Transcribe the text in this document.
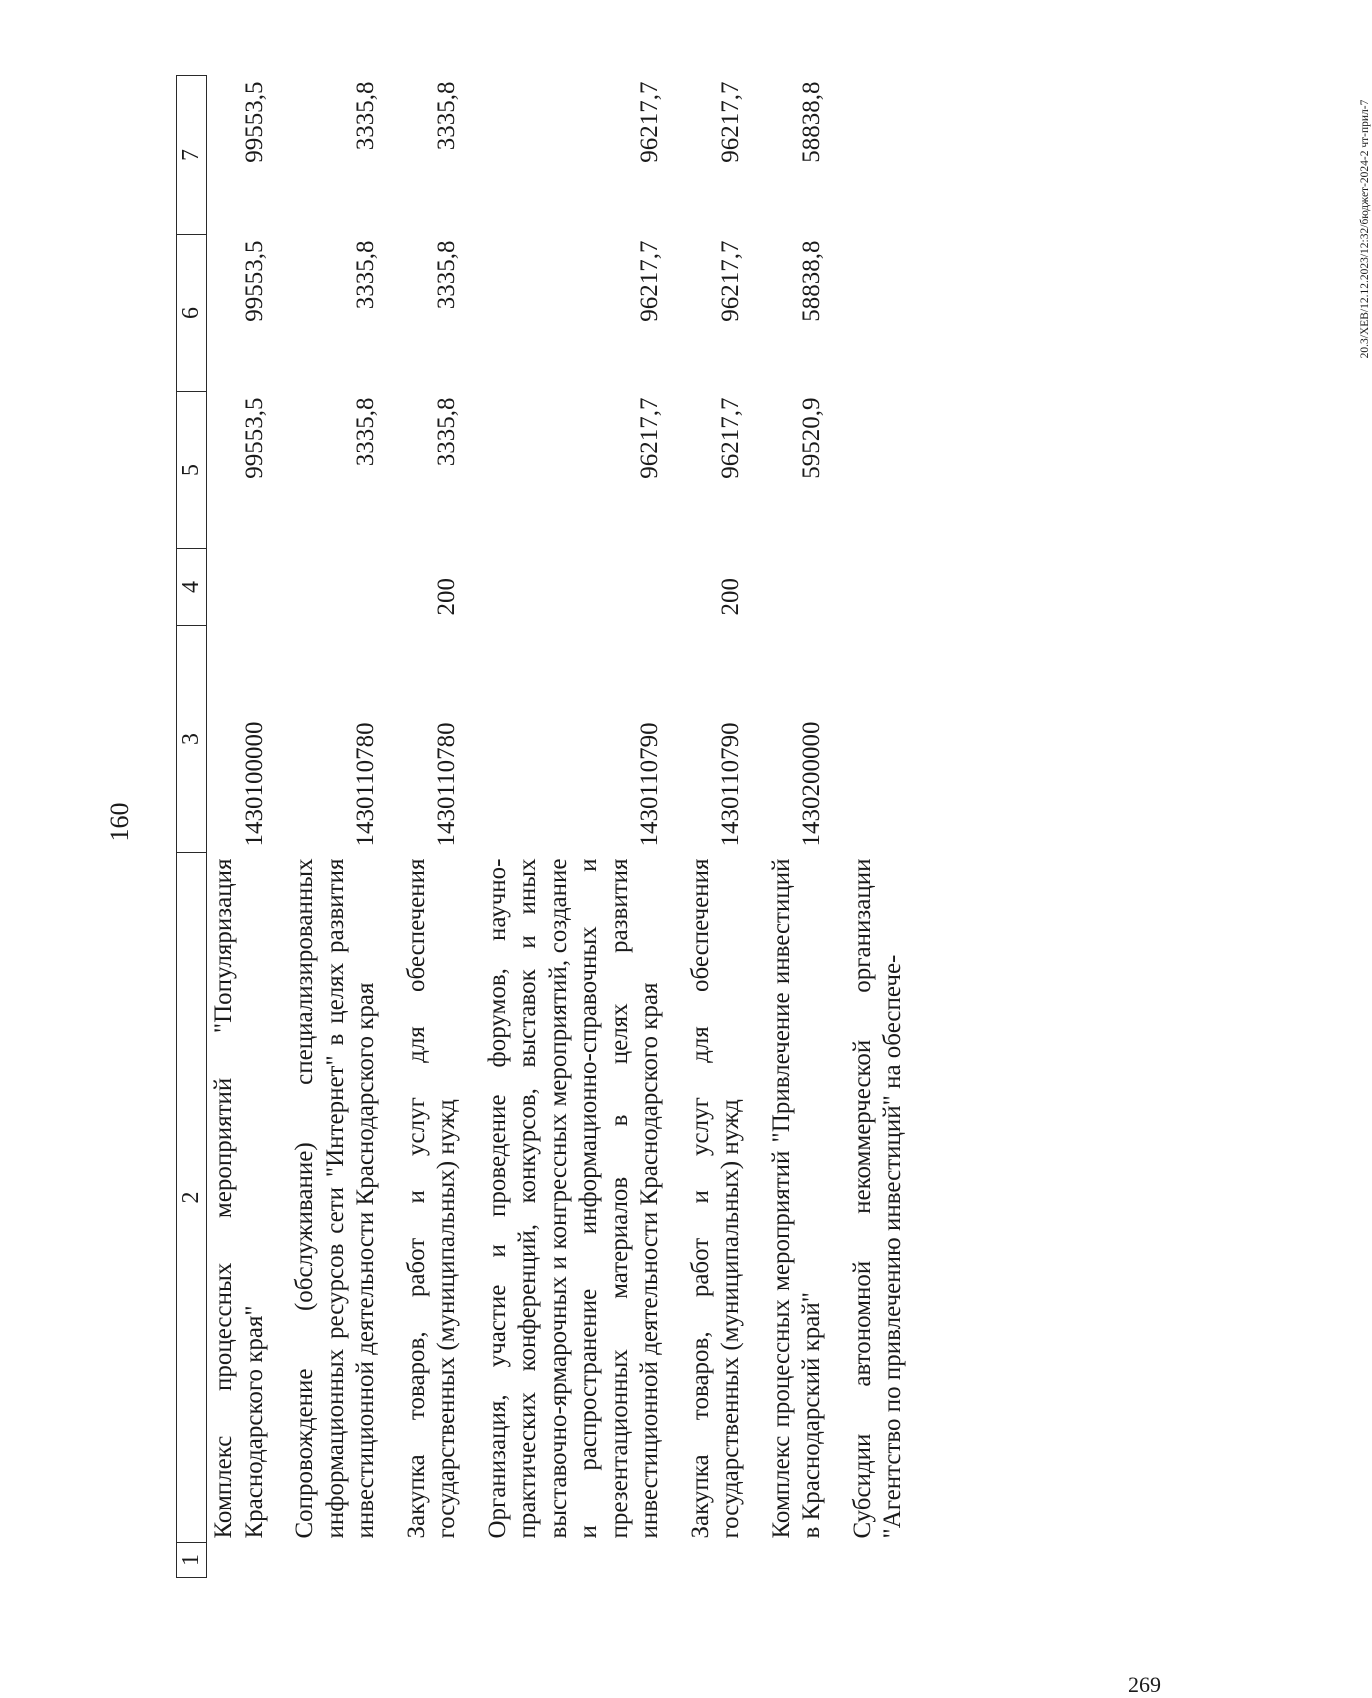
160
269
20.3/ХЕВ/12.12.2023/12:32/бюджет-2024-2 чт-прил-7
1	2	3	4	5	6	7
	Комплекс процессных мероприятий "Популяризация Краснодарского края"	1430100000		99553,5	99553,5	99553,5
	Сопровождение (обслуживание) специализированных информационных ресурсов сети "Интернет" в целях развития инвестиционной деятельности Краснодарского края	1430110780		3335,8	3335,8	3335,8
	Закупка товаров, работ и услуг для обеспечения государственных (муниципальных) нужд	1430110780	200	3335,8	3335,8	3335,8
	Организация, участие и проведение форумов, научно-практических конференций, конкурсов, выставок и иных выставочно-ярмарочных и конгрессных мероприятий, создание и распространение информационно-справочных и презентационных материалов в целях развития инвестиционной деятельности Краснодарского края	1430110790		96217,7	96217,7	96217,7
	Закупка товаров, работ и услуг для обеспечения государственных (муниципальных) нужд	1430110790	200	96217,7	96217,7	96217,7
	Комплекс процессных мероприятий "Привлечение инвестиций в Краснодарский край"	1430200000		59520,9	58838,8	58838,8
	Субсидии автономной некоммерческой организации "Агентство по привлечению инвестиций" на обеспече-					
